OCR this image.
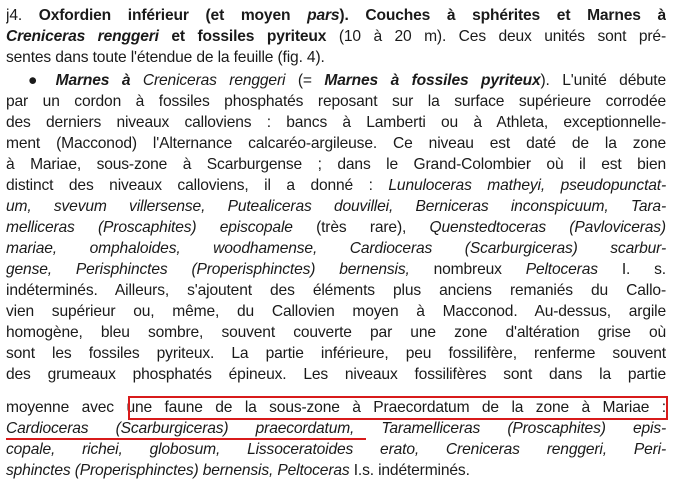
j4. Oxfordien inférieur (et moyen pars). Couches à sphérites et Marnes à
Creniceras renggeri et fossiles pyriteux (10 à 20 m). Ces deux unités sont pré-
sentes dans toute l'étendue de la feuille (fig. 4).
● Marnes à Creniceras renggeri (= Marnes à fossiles pyriteux). L'unité débute
par un cordon à fossiles phosphatés reposant sur la surface supérieure corrodée
des derniers niveaux calloviens : bancs à Lamberti ou à Athleta, exceptionnelle-
ment (Macconod) l'Alternance calcaréo-argileuse. Ce niveau est daté de la zone
à Mariae, sous-zone à Scarburgense ; dans le Grand-Colombier où il est bien
distinct des niveaux calloviens, il a donné : Lunuloceras matheyi, pseudopunctat-
um, svevum villersense, Putealiceras douvillei, Berniceras inconspicuum, Tara-
melliceras (Proscaphites) episcopale (très rare), Quenstedtoceras (Pavloviceras)
mariae, omphaloides, woodhamense, Cardioceras (Scarburgiceras) scarbur-
gense, Perisphinctes (Properisphinctes) bernensis, nombreux Peltoceras I. s.
indéterminés. Ailleurs, s'ajoutent des éléments plus anciens remaniés du Callo-
vien supérieur ou, même, du Callovien moyen à Macconod. Au-dessus, argile
homogène, bleu sombre, souvent couverte par une zone d'altération grise où
sont les fossiles pyriteux. La partie inférieure, peu fossilifère, renferme souvent
des grumeaux phosphatés épineux. Les niveaux fossilifères sont dans la partie
moyenne avec une faune de la sous-zone à Praecordatum de la zone à Mariae :
Cardioceras (Scarburgiceras) praecordatum, Taramelliceras (Proscaphites) epis-
copale, richei, globosum, Lissoceratoides erato, Creniceras renggeri, Peri-
sphinctes (Properisphinctes) bernensis, Peltoceras I.s. indéterminés.
